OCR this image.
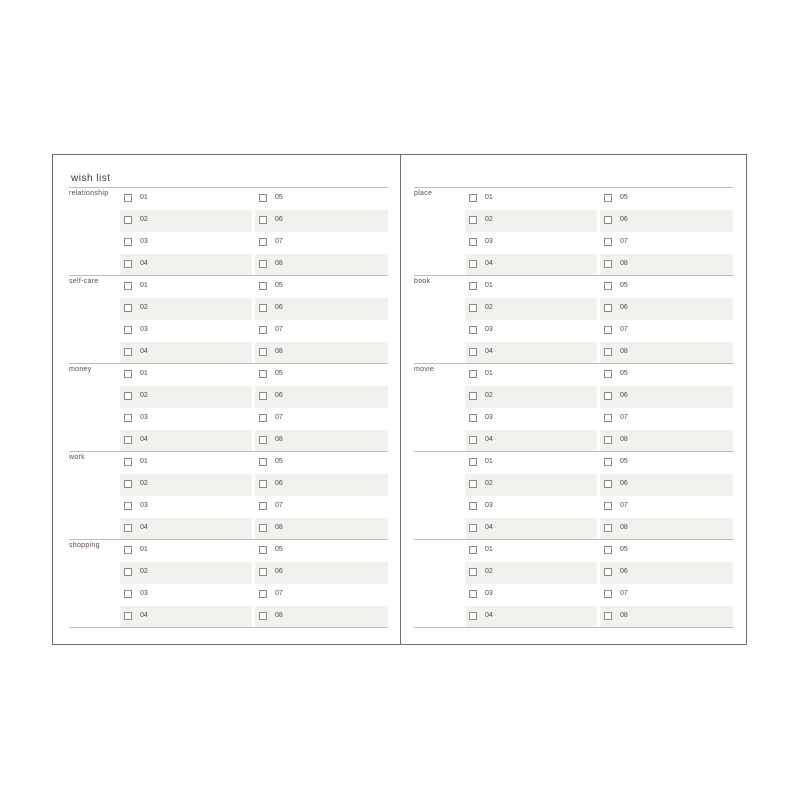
wish list
relationship
01
02
03
04
05
06
07
08
self-care
01
02
03
04
05
06
07
08
money
01
02
03
04
05
06
07
08
work
01
02
03
04
05
06
07
08
shopping
01
02
03
04
05
06
07
08
place
01
02
03
04
05
06
07
08
book
01
02
03
04
05
06
07
08
movie
01
02
03
04
05
06
07
08
01
02
03
04
05
06
07
08
01
02
03
04
05
06
07
08
